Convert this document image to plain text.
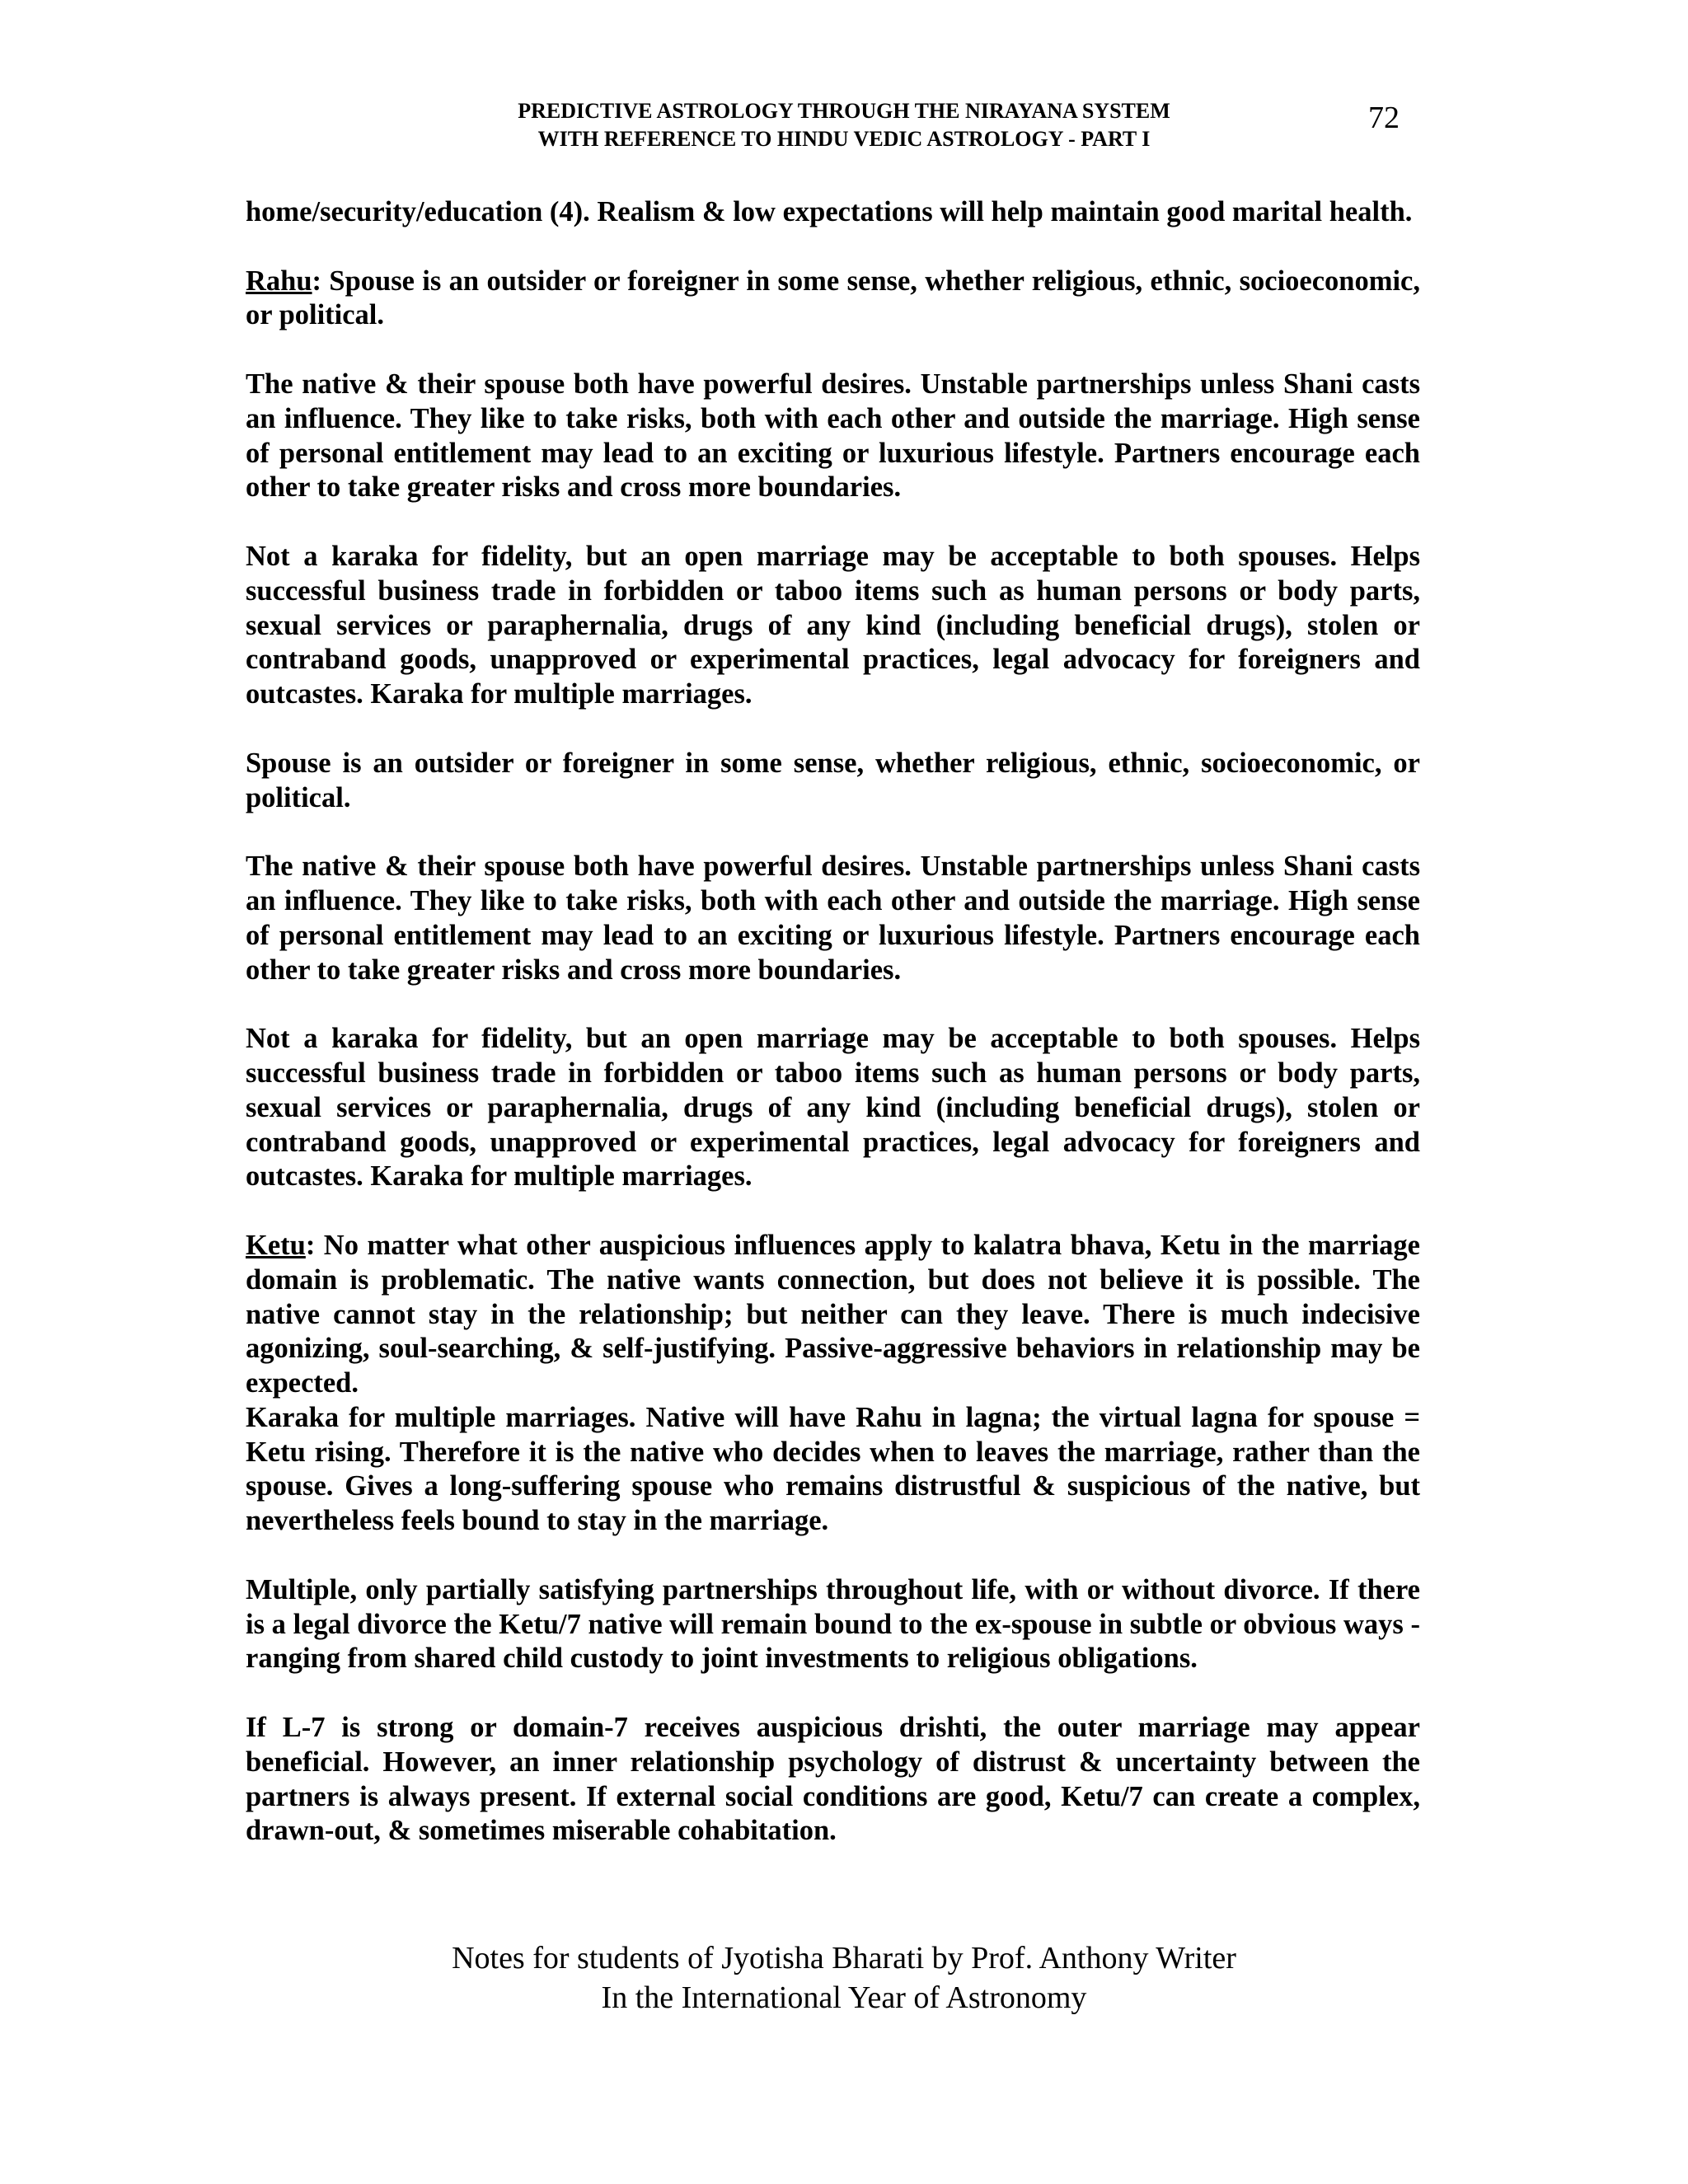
PREDICTIVE ASTROLOGY THROUGH THE NIRAYANA SYSTEM
WITH REFERENCE TO HINDU VEDIC ASTROLOGY - PART I
72

home/security/education (4). Realism & low expectations will help maintain good marital health.

Rahu: Spouse is an outsider or foreigner in some sense, whether religious, ethnic, socioeconomic, or political.

The native & their spouse both have powerful desires. Unstable partnerships unless Shani casts an influence. They like to take risks, both with each other and outside the marriage. High sense of personal entitlement may lead to an exciting or luxurious lifestyle. Partners encourage each other to take greater risks and cross more boundaries.

Not a karaka for fidelity, but an open marriage may be acceptable to both spouses. Helps successful business trade in forbidden or taboo items such as human persons or body parts, sexual services or paraphernalia, drugs of any kind (including beneficial drugs), stolen or contraband goods, unapproved or experimental practices, legal advocacy for foreigners and outcastes. Karaka for multiple marriages.

Spouse is an outsider or foreigner in some sense, whether religious, ethnic, socioeconomic, or political.

The native & their spouse both have powerful desires. Unstable partnerships unless Shani casts an influence. They like to take risks, both with each other and outside the marriage. High sense of personal entitlement may lead to an exciting or luxurious lifestyle. Partners encourage each other to take greater risks and cross more boundaries.

Not a karaka for fidelity, but an open marriage may be acceptable to both spouses. Helps successful business trade in forbidden or taboo items such as human persons or body parts, sexual services or paraphernalia, drugs of any kind (including beneficial drugs), stolen or contraband goods, unapproved or experimental practices, legal advocacy for foreigners and outcastes. Karaka for multiple marriages.

Ketu: No matter what other auspicious influences apply to kalatra bhava, Ketu in the marriage domain is problematic. The native wants connection, but does not believe it is possible. The native cannot stay in the relationship; but neither can they leave. There is much indecisive agonizing, soul-searching, & self-justifying. Passive-aggressive behaviors in relationship may be expected.

Karaka for multiple marriages. Native will have Rahu in lagna; the virtual lagna for spouse = Ketu rising. Therefore it is the native who decides when to leaves the marriage, rather than the spouse. Gives a long-suffering spouse who remains distrustful & suspicious of the native, but nevertheless feels bound to stay in the marriage.

Multiple, only partially satisfying partnerships throughout life, with or without divorce. If there is a legal divorce the Ketu/7 native will remain bound to the ex-spouse in subtle or obvious ways - ranging from shared child custody to joint investments to religious obligations.

If L-7 is strong or domain-7 receives auspicious drishti, the outer marriage may appear beneficial. However, an inner relationship psychology of distrust & uncertainty between the partners is always present. If external social conditions are good, Ketu/7 can create a complex, drawn-out, & sometimes miserable cohabitation.

Notes for students of Jyotisha Bharati by Prof. Anthony Writer
In the International Year of Astronomy
